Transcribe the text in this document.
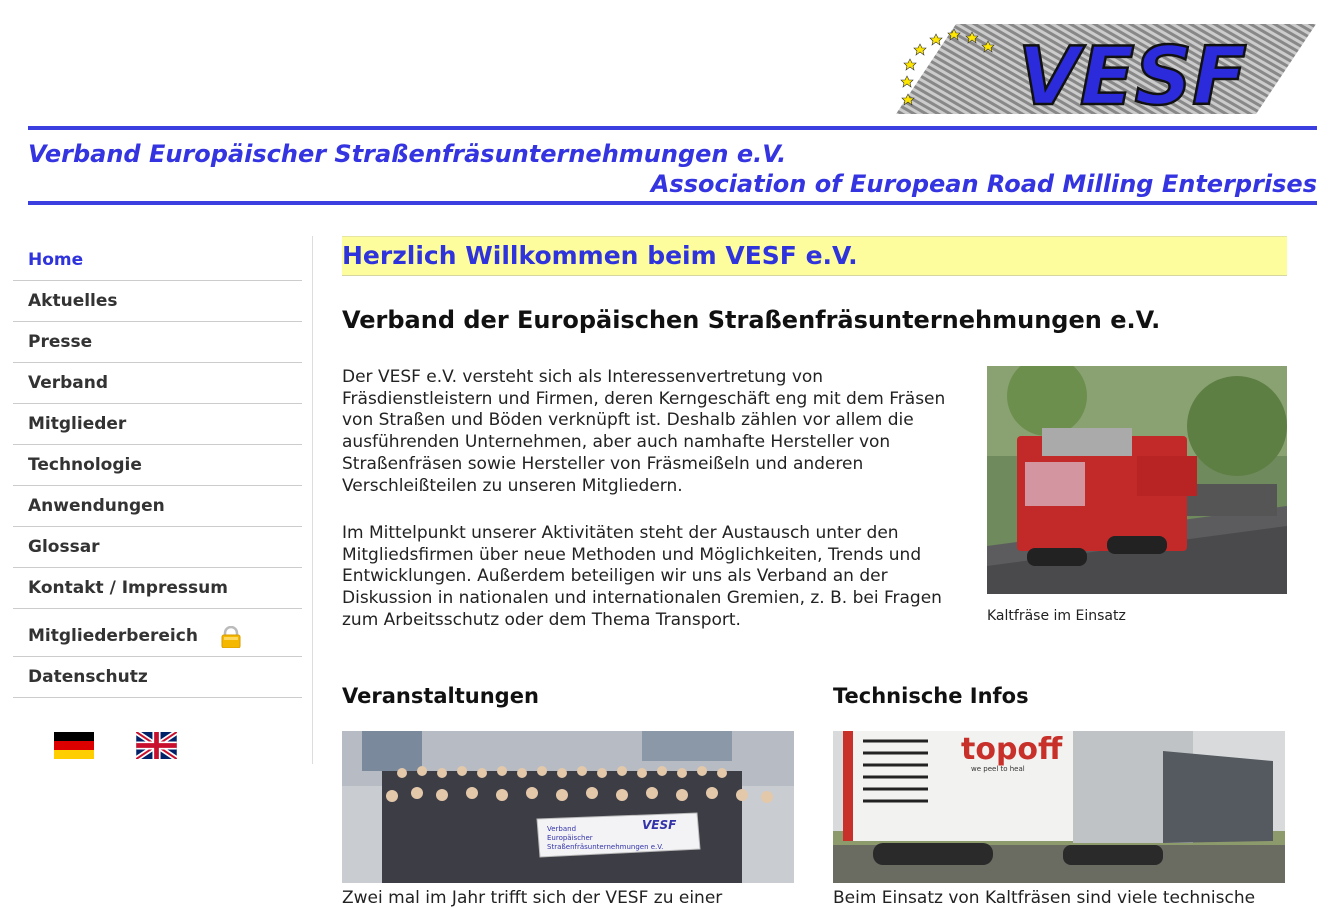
VESF
Verband Europäischer Straßenfräsunternehmungen e.V.
Association of European Road Milling Enterprises
Home
Aktuelles
Presse
Verband
Mitglieder
Technologie
Anwendungen
Glossar
Kontakt / Impressum
Mitgliederbereich
Datenschutz
Herzlich Willkommen beim VESF e.V.
Verband der Europäischen Straßenfräsunternehmungen e.V.

Der VESF e.V. versteht sich als Interessenvertretung von Fräsdienstleistern und Firmen, deren Kerngeschäft eng mit dem Fräsen von Straßen und Böden verknüpft ist. Deshalb zählen vor allem die ausführenden Unternehmen, aber auch namhafte Hersteller von Straßenfräsen sowie Hersteller von Fräsmeißeln und anderen Verschleißteilen zu unseren Mitgliedern.

Im Mittelpunkt unserer Aktivitäten steht der Austausch unter den Mitgliedsfirmen über neue Methoden und Möglichkeiten, Trends und Entwicklungen. Außerdem beteiligen wir uns als Verband an der Diskussion in nationalen und internationalen Gremien, z. B. bei Fragen zum Arbeitsschutz oder dem Thema Transport.	Kaltfräse im Einsatz
Veranstaltungen	Technische Infos
Verband
Europäischer
Straßenfräsunternehmungen e.V.
VESF
Zwei mal im Jahr trifft sich der VESF zu einer
topoff
we peel to heal
Beim Einsatz von Kaltfräsen sind viele technische
